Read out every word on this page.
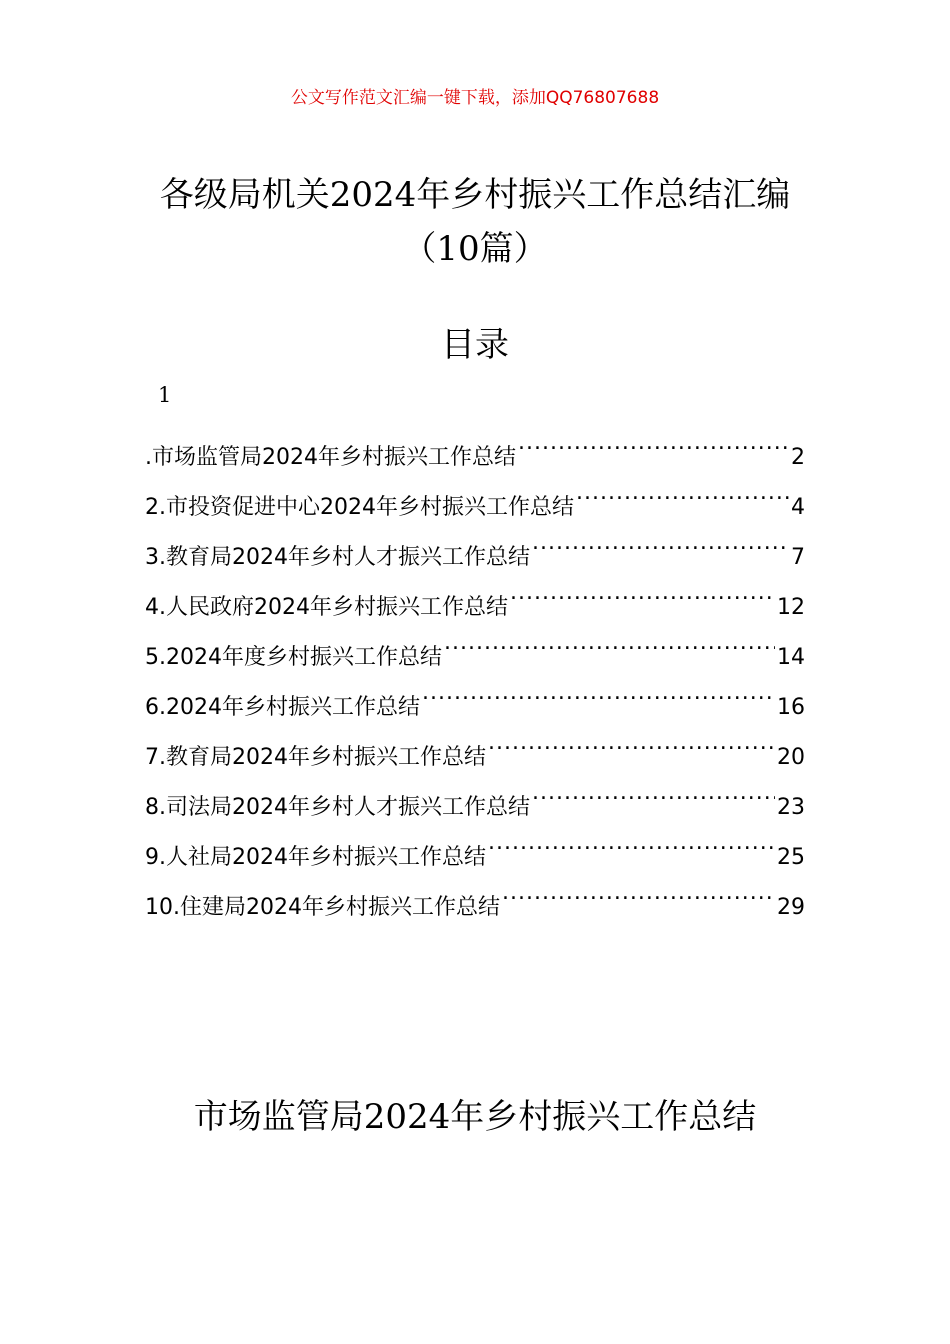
公文写作范文汇编一键下载，添加QQ76807688
各级局机关2024年乡村振兴工作总结汇编
（10篇）
目录
1
.市场监管局2024年乡村振兴工作总结 .....	2
2.市投资促进中心2024年乡村振兴工作总结 .....	4
3.教育局2024年乡村人才振兴工作总结 .....	7
4.人民政府2024年乡村振兴工作总结 .....	12
5.2024年度乡村振兴工作总结 .....	14
6.2024年乡村振兴工作总结 .....	16
7.教育局2024年乡村振兴工作总结 .....	20
8.司法局2024年乡村人才振兴工作总结 .....	23
9.人社局2024年乡村振兴工作总结 .....	25
10.住建局2024年乡村振兴工作总结 .....	29
市场监管局2024年乡村振兴工作总结
